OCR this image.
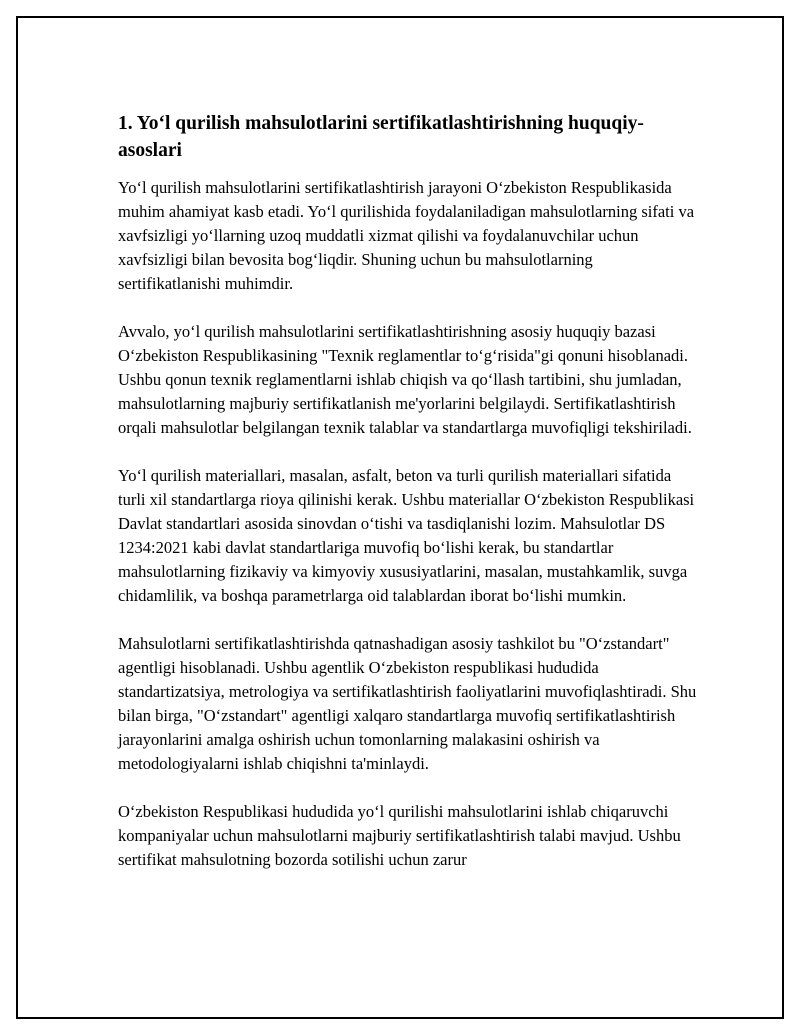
1. Yo‘l qurilish mahsulotlarini sertifikatlashtirishning huquqiy-asoslari

Yo‘l qurilish mahsulotlarini sertifikatlashtirish jarayoni O‘zbekiston Respublikasida muhim ahamiyat kasb etadi. Yo‘l qurilishida foydalaniladigan mahsulotlarning sifati va xavfsizligi yo‘llarning uzoq muddatli xizmat qilishi va foydalanuvchilar uchun xavfsizligi bilan bevosita bog‘liqdir. Shuning uchun bu mahsulotlarning sertifikatlanishi muhimdir.

Avvalo, yo‘l qurilish mahsulotlarini sertifikatlashtirishning asosiy huquqiy bazasi O‘zbekiston Respublikasining "Texnik reglamentlar to‘g‘risida"gi qonuni hisoblanadi. Ushbu qonun texnik reglamentlarni ishlab chiqish va qo‘llash tartibini, shu jumladan, mahsulotlarning majburiy sertifikatlanish me'yorlarini belgilaydi. Sertifikatlashtirish orqali mahsulotlar belgilangan texnik talablar va standartlarga muvofiqligi tekshiriladi.

Yo‘l qurilish materiallari, masalan, asfalt, beton va turli qurilish materiallari sifatida turli xil standartlarga rioya qilinishi kerak. Ushbu materiallar O‘zbekiston Respublikasi Davlat standartlari asosida sinovdan o‘tishi va tasdiqlanishi lozim. Mahsulotlar DS 1234:2021 kabi davlat standartlariga muvofiq bo‘lishi kerak, bu standartlar mahsulotlarning fizikaviy va kimyoviy xususiyatlarini, masalan, mustahkamlik, suvga chidamlilik, va boshqa parametrlarga oid talablardan iborat bo‘lishi mumkin.

Mahsulotlarni sertifikatlashtirishda qatnashadigan asosiy tashkilot bu "O‘zstandart" agentligi hisoblanadi. Ushbu agentlik O‘zbekiston respublikasi hududida standartizatsiya, metrologiya va sertifikatlashtirish faoliyatlarini muvofiqlashtiradi. Shu bilan birga, "O‘zstandart" agentligi xalqaro standartlarga muvofiq sertifikatlashtirish jarayonlarini amalga oshirish uchun tomonlarning malakasini oshirish va metodologiyalarni ishlab chiqishni ta'minlaydi.

O‘zbekiston Respublikasi hududida yo‘l qurilishi mahsulotlarini ishlab chiqaruvchi kompaniyalar uchun mahsulotlarni majburiy sertifikatlashtirish talabi mavjud. Ushbu sertifikat mahsulotning bozorda sotilishi uchun zarur
